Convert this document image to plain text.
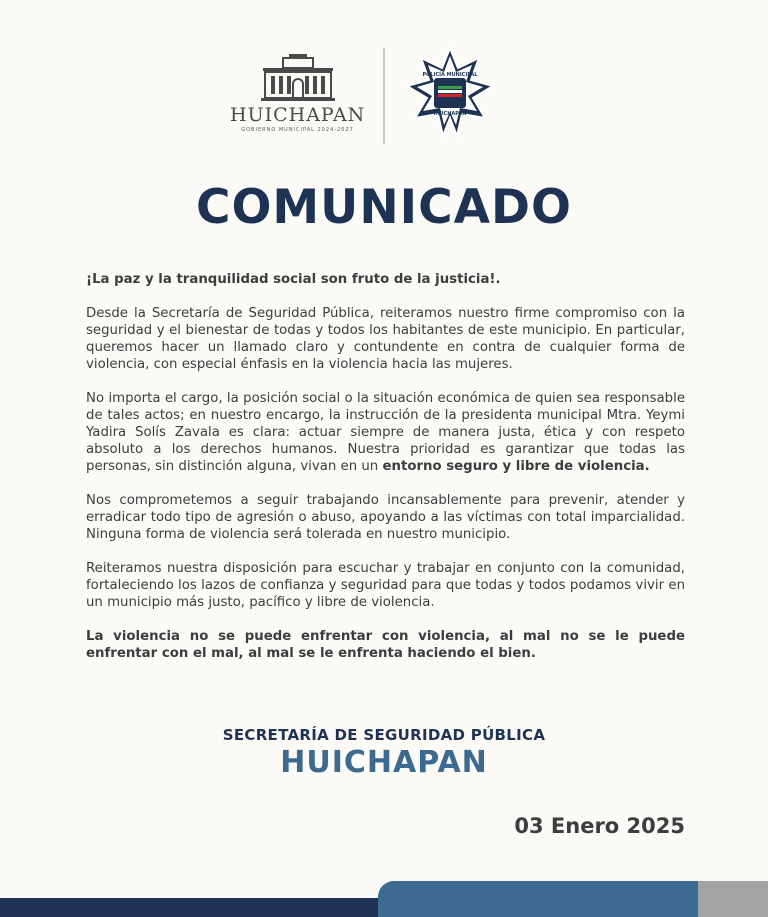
HUICHAPAN
GOBIERNO MUNICIPAL 2024-2027
POLICÍA MUNICIPAL
HUICHAPAN
COMUNICADO

¡La paz y la tranquilidad social son fruto de la justicia!.

Desde la Secretaría de Seguridad Pública, reiteramos nuestro firme compromiso con la seguridad y el bienestar de todas y todos los habitantes de este municipio. En particular, queremos hacer un llamado claro y contundente en contra de cualquier forma de violencia, con especial énfasis en la violencia hacia las mujeres.

No importa el cargo, la posición social o la situación económica de quien sea responsable de tales actos; en nuestro encargo, la instrucción de la presidenta municipal Mtra. Yeymi Yadira Solís Zavala es clara: actuar siempre de manera justa, ética y con respeto absoluto a los derechos humanos. Nuestra prioridad es garantizar que todas las personas, sin distinción alguna, vivan en un entorno seguro y libre de violencia.

Nos comprometemos a seguir trabajando incansablemente para prevenir, atender y erradicar todo tipo de agresión o abuso, apoyando a las víctimas con total imparcialidad. Ninguna forma de violencia será tolerada en nuestro municipio.

Reiteramos nuestra disposición para escuchar y trabajar en conjunto con la comunidad, fortaleciendo los lazos de confianza y seguridad para que todas y todos podamos vivir en un municipio más justo, pacífico y libre de violencia.

La violencia no se puede enfrentar con violencia, al mal no se le puede enfrentar con el mal, al mal se le enfrenta haciendo el bien.

SECRETARÍA DE SEGURIDAD PÚBLICA
HUICHAPAN
03 Enero 2025
